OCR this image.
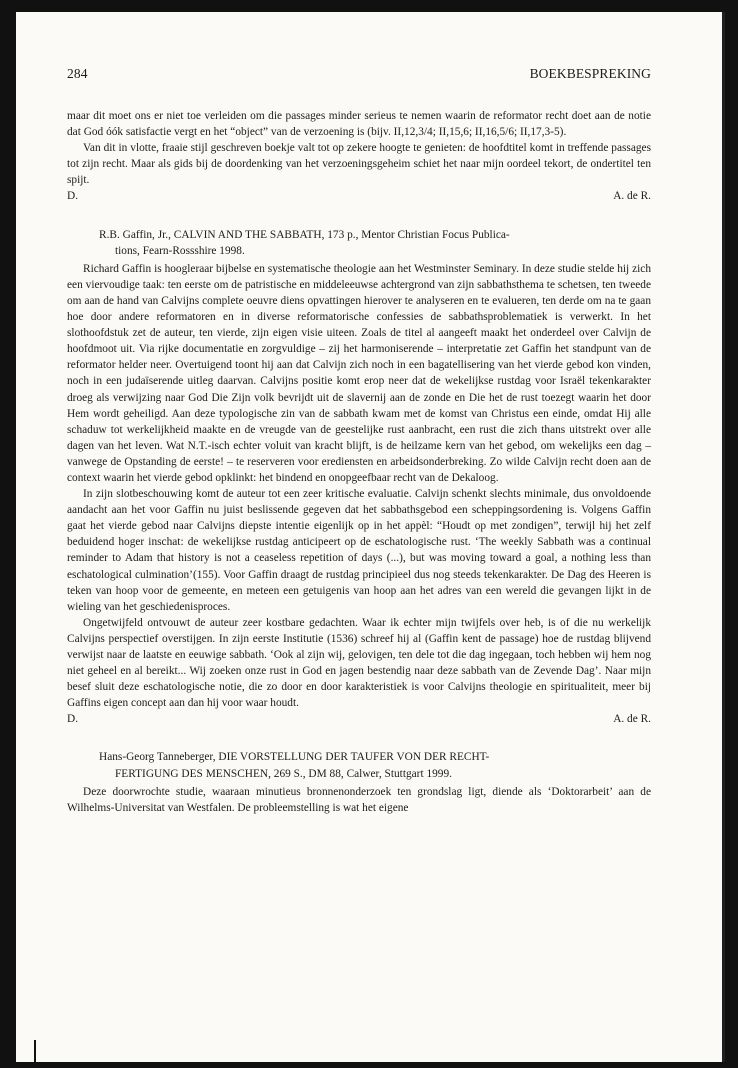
284	BOEKBESPREKING

maar dit moet ons er niet toe verleiden om die passages minder serieus te nemen waarin de reformator recht doet aan de notie dat God óók satisfactie vergt en het “object” van de verzoening is (bijv. II,12,3/4; II,15,6; II,16,5/6; II,17,3-5).

Van dit in vlotte, fraaie stijl geschreven boekje valt tot op zekere hoogte te genieten: de hoofdtitel komt in treffende passages tot zijn recht. Maar als gids bij de doordenking van het verzoeningsgeheim schiet het naar mijn oordeel tekort, de ondertitel ten spijt.

D.	A. de R.
R.B. Gaffin, Jr., CALVIN AND THE SABBATH, 173 p., Mentor Christian Focus Publica-
tions, Fearn-Rossshire 1998.

Richard Gaffin is hoogleraar bijbelse en systematische theologie aan het Westminster Seminary. In deze studie stelde hij zich een viervoudige taak: ten eerste om de patristische en middeleeuwse achtergrond van zijn sabbathsthema te schetsen, ten tweede om aan de hand van Calvijns complete oeuvre diens opvattingen hierover te analyseren en te evalueren, ten derde om na te gaan hoe door andere reformatoren en in diverse reformatorische confessies de sabbathsproblematiek is verwerkt. In het slothoofdstuk zet de auteur, ten vierde, zijn eigen visie uiteen. Zoals de titel al aangeeft maakt het onderdeel over Calvijn de hoofdmoot uit. Via rijke documentatie en zorgvuldige – zij het harmoniserende – interpretatie zet Gaffin het standpunt van de reformator helder neer. Overtuigend toont hij aan dat Calvijn zich noch in een bagatellisering van het vierde gebod kon vinden, noch in een judaïserende uitleg daarvan. Calvijns positie komt erop neer dat de wekelijkse rustdag voor Israël tekenkarakter droeg als verwijzing naar God Die Zijn volk bevrijdt uit de slavernij aan de zonde en Die het de rust toezegt waarin het door Hem wordt geheiligd. Aan deze typologische zin van de sabbath kwam met de komst van Christus een einde, omdat Hij alle schaduw tot werkelijkheid maakte en de vreugde van de geestelijke rust aanbracht, een rust die zich thans uitstrekt over alle dagen van het leven. Wat N.T.-isch echter voluit van kracht blijft, is de heilzame kern van het gebod, om wekelijks een dag – vanwege de Opstanding de eerste! – te reserveren voor erediensten en arbeidsonderbreking. Zo wilde Calvijn recht doen aan de context waarin het vierde gebod opklinkt: het bindend en onopgeefbaar recht van de Dekaloog.

In zijn slotbeschouwing komt de auteur tot een zeer kritische evaluatie. Calvijn schenkt slechts minimale, dus onvoldoende aandacht aan het voor Gaffin nu juist beslissende gegeven dat het sabbathsgebod een scheppingsordening is. Volgens Gaffin gaat het vierde gebod naar Calvijns diepste intentie eigenlijk op in het appèl: “Houdt op met zondigen”, terwijl hij het zelf beduidend hoger inschat: de wekelijkse rustdag anticipeert op de eschatologische rust. ‘The weekly Sabbath was a continual reminder to Adam that history is not a ceaseless repetition of days (...), but was moving toward a goal, a nothing less than eschatological culmination’(155). Voor Gaffin draagt de rustdag principieel dus nog steeds tekenkarakter. De Dag des Heeren is teken van hoop voor de gemeente, en meteen een getuigenis van hoop aan het adres van een wereld die gevangen lijkt in de wieling van het geschiedenisproces.

Ongetwijfeld ontvouwt de auteur zeer kostbare gedachten. Waar ik echter mijn twijfels over heb, is of die nu werkelijk Calvijns perspectief overstijgen. In zijn eerste Institutie (1536) schreef hij al (Gaffin kent de passage) hoe de rustdag blijvend verwijst naar de laatste en eeuwige sabbath. ‘Ook al zijn wij, gelovigen, ten dele tot die dag ingegaan, toch hebben wij hem nog niet geheel en al bereikt... Wij zoeken onze rust in God en jagen bestendig naar deze sabbath van de Zevende Dag’. Naar mijn besef sluit deze eschatologische notie, die zo door en door karakteristiek is voor Calvijns theologie en spiritualiteit, meer bij Gaffins eigen concept aan dan hij voor waar houdt.

D.	A. de R.
Hans-Georg Tanneberger, DIE VORSTELLUNG DER TAUFER VON DER RECHT-
FERTIGUNG DES MENSCHEN, 269 S., DM 88, Calwer, Stuttgart 1999.

Deze doorwrochte studie, waaraan minutieus bronnenonderzoek ten grondslag ligt, diende als ‘Doktorarbeit’ aan de Wilhelms-Universitat van Westfalen. De probleemstelling is wat het eigene
